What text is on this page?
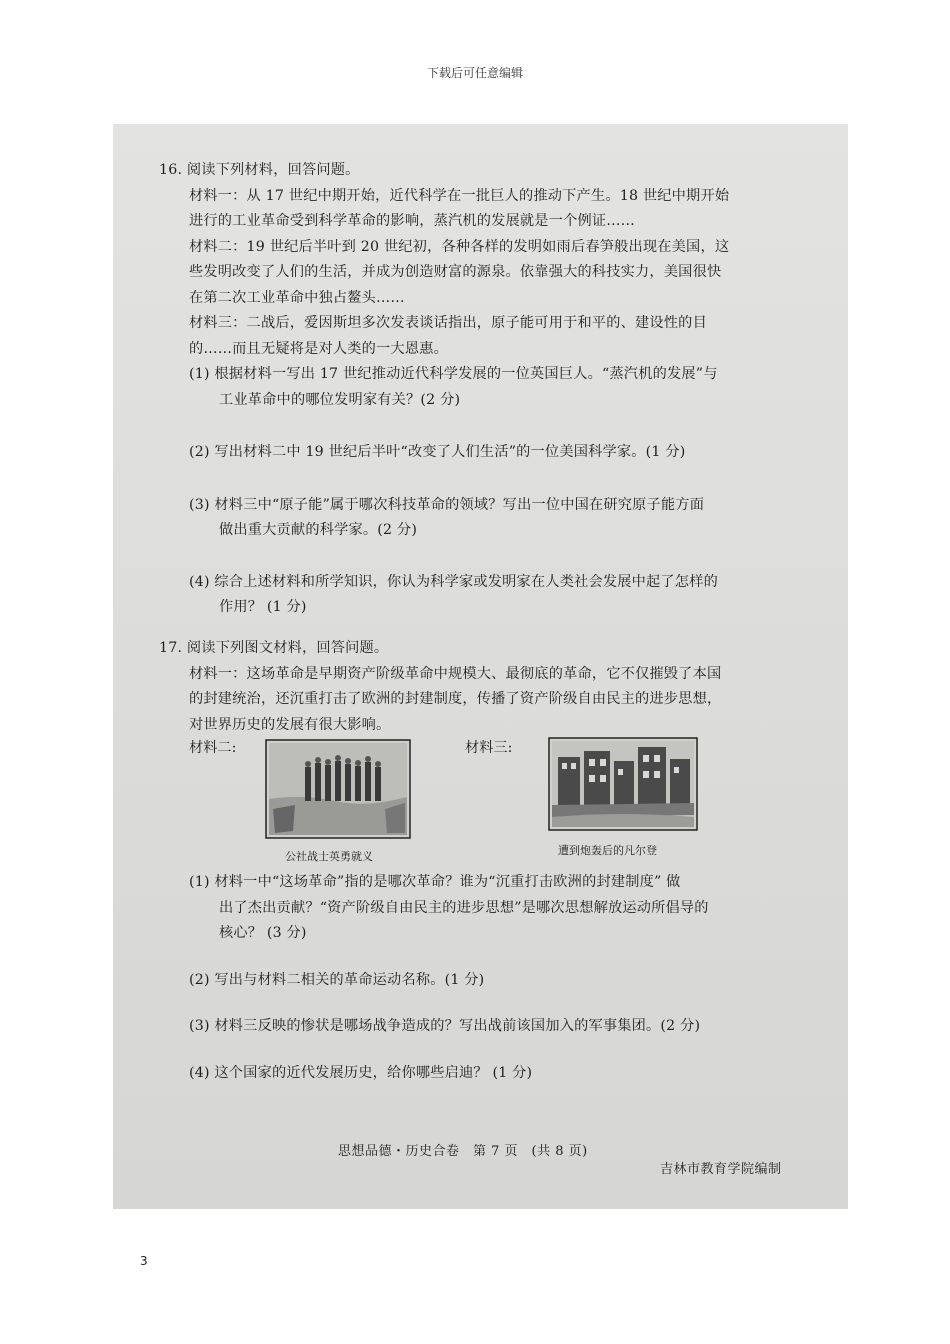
下载后可任意编辑
16. 阅读下列材料，回答问题。
材料一：从 17 世纪中期开始，近代科学在一批巨人的推动下产生。18 世纪中期开始
进行的工业革命受到科学革命的影响，蒸汽机的发展就是一个例证……
材料二：19 世纪后半叶到 20 世纪初，各种各样的发明如雨后春笋般出现在美国，这
些发明改变了人们的生活，并成为创造财富的源泉。依靠强大的科技实力，美国很快
在第二次工业革命中独占鳌头……
材料三：二战后，爱因斯坦多次发表谈话指出，原子能可用于和平的、建设性的目
的……而且无疑将是对人类的一大恩惠。
(1) 根据材料一写出 17 世纪推动近代科学发展的一位英国巨人。“蒸汽机的发展”与
工业革命中的哪位发明家有关？(2 分)
(2) 写出材料二中 19 世纪后半叶“改变了人们生活”的一位美国科学家。(1 分)
(3) 材料三中“原子能”属于哪次科技革命的领域？写出一位中国在研究原子能方面
做出重大贡献的科学家。(2 分)
(4) 综合上述材料和所学知识，你认为科学家或发明家在人类社会发展中起了怎样的
作用？ (1 分)
17. 阅读下列图文材料，回答问题。
材料一：这场革命是早期资产阶级革命中规模大、最彻底的革命，它不仅摧毁了本国
的封建统治，还沉重打击了欧洲的封建制度，传播了资产阶级自由民主的进步思想，
对世界历史的发展有很大影响。
材料二:
公社战士英勇就义
材料三:
遭到炮轰后的凡尔登
(1) 材料一中“这场革命”指的是哪次革命？谁为“沉重打击欧洲的封建制度” 做
出了杰出贡献？“资产阶级自由民主的进步思想”是哪次思想解放运动所倡导的
核心？ (3 分)
(2) 写出与材料二相关的革命运动名称。(1 分)
(3) 材料三反映的惨状是哪场战争造成的？写出战前该国加入的军事集团。(2 分)
(4) 这个国家的近代发展历史，给你哪些启迪？ (1 分)
思想品德・历史合卷　第 7 页　(共 8 页)
吉林市教育学院编制
3
